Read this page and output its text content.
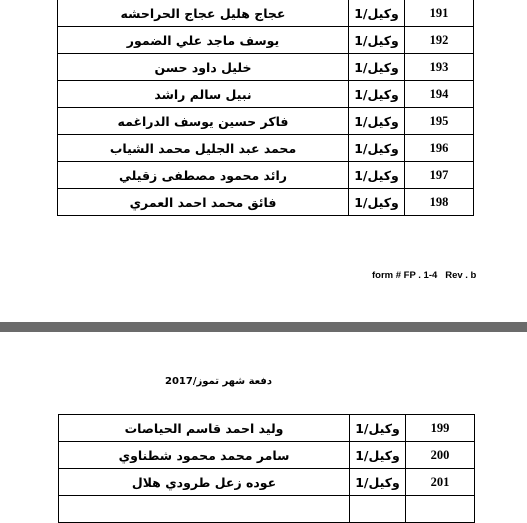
عجاج هليل عجاج الحراحشه	وكيل/1	191
يوسف ماجد علي الضمور	وكيل/1	192
خليل داود حسن	وكيل/1	193
نبيل سالم راشد	وكيل/1	194
فاكر حسين يوسف الدراغمه	وكيل/1	195
محمد عبد الجليل محمد الشياب	وكيل/1	196
رائد محمود مصطفى زقيلي	وكيل/1	197
فائق محمد احمد العمري	وكيل/1	198
form # FP . 1-4   Rev . b
وليد احمد قاسم الحياصات	وكيل/1	199
سامر محمد محمود شطناوي	وكيل/1	200
عوده زعل طرودي هلال	وكيل/1	201

دفعة شهر تموز/2017
